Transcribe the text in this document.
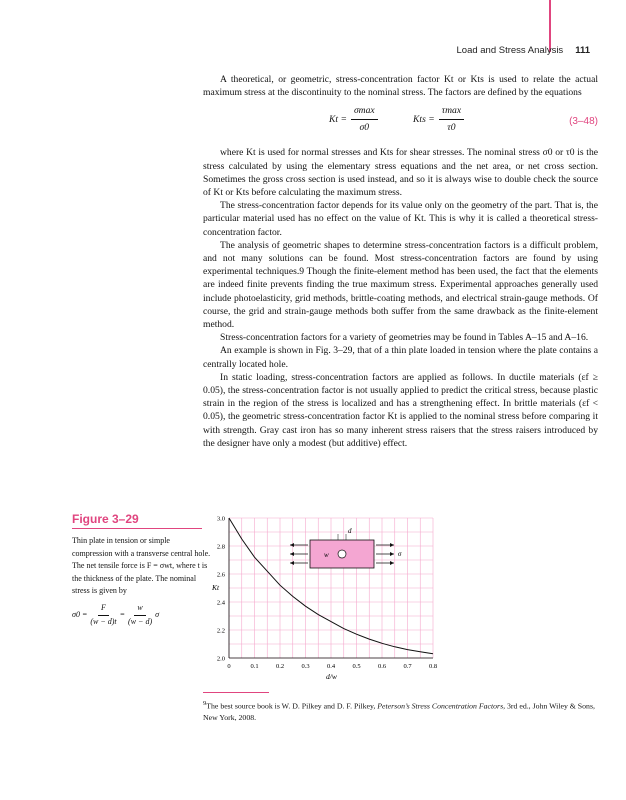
Load and Stress Analysis 111

A theoretical, or geometric, stress-concentration factor Kt or Kts is used to relate the actual maximum stress at the discontinuity to the nominal stress. The factors are defined by the equations

Kt =
σmax
σ0
Kts =
τmax
τ0	(3–48)

where Kt is used for normal stresses and Kts for shear stresses. The nominal stress σ0 or τ0 is the stress calculated by using the elementary stress equations and the net area, or net cross section. Sometimes the gross cross section is used instead, and so it is always wise to double check the source of Kt or Kts before calculating the maximum stress.

The stress-concentration factor depends for its value only on the geometry of the part. That is, the particular material used has no effect on the value of Kt. This is why it is called a theoretical stress-concentration factor.

The analysis of geometric shapes to determine stress-concentration factors is a difficult problem, and not many solutions can be found. Most stress-concentration factors are found by using experimental techniques.9 Though the finite-element method has been used, the fact that the elements are indeed finite prevents finding the true maximum stress. Experimental approaches generally used include photoelasticity, grid methods, brittle-coating methods, and electrical strain-gauge methods. Of course, the grid and strain-gauge methods both suffer from the same drawback as the finite-element method.

Stress-concentration factors for a variety of geometries may be found in Tables A–15 and A–16.

An example is shown in Fig. 3–29, that of a thin plate loaded in tension where the plate contains a centrally located hole.

In static loading, stress-concentration factors are applied as follows. In ductile materials (εf ≥ 0.05), the stress-concentration factor is not usually applied to predict the critical stress, because plastic strain in the region of the stress is localized and has a strengthening effect. In brittle materials (εf < 0.05), the geometric stress-concentration factor Kt is applied to the nominal stress before comparing it with strength. Gray cast iron has so many inherent stress raisers that the stress raisers introduced by the designer have only a modest (but additive) effect.

Figure 3–29
Thin plate in tension or simple compression with a transverse central hole. The net tensile force is F = σwt, where t is the thickness of the plate. The nominal stress is given by
$\sigma 0 = \frac{F}{(w - d)t} = \frac{w}{(w - d)}$ σ
0	0.1	0.2	0.3	0.4	0.5	0.6	0.7	0.8
2.0
2.2
2.4
2.6
2.8
3.0
d
w	σ
Kt
d/w
$^9$The best source book is W. D. Pilkey and D. F. Pilkey, Peterson’s Stress Concentration Factors, 3rd ed., John Wiley & Sons, New York, 2008.
